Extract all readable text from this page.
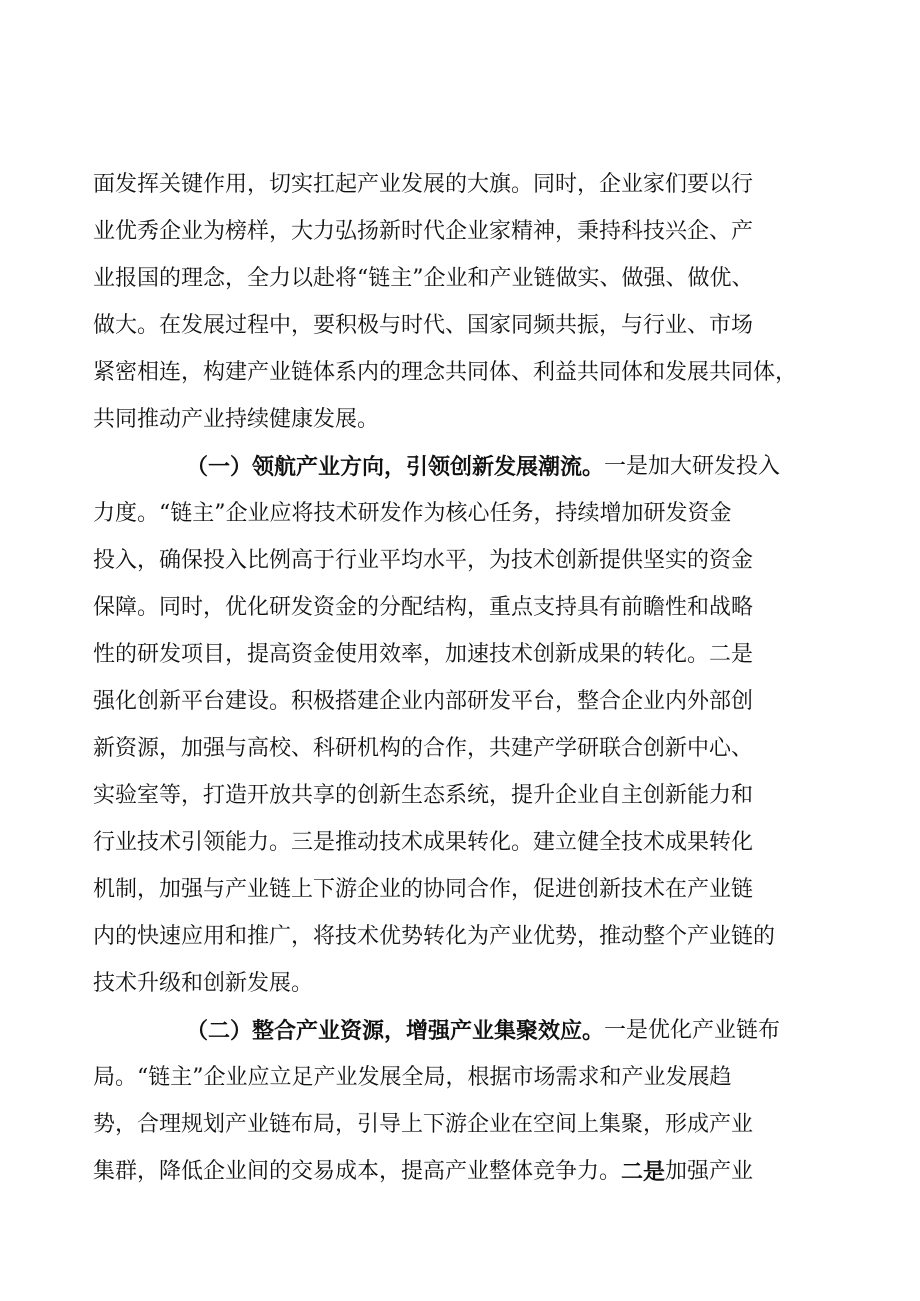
面发挥关键作用，切实扛起产业发展的大旗。同时，企业家们要以行
业优秀企业为榜样，大力弘扬新时代企业家精神，秉持科技兴企、产
业报国的理念，全力以赴将“链主”企业和产业链做实、做强、做优、
做大。在发展过程中，要积极与时代、国家同频共振，与行业、市场
紧密相连，构建产业链体系内的理念共同体、利益共同体和发展共同体，
共同推动产业持续健康发展。
（一）领航产业方向，引领创新发展潮流。 一是加大研发投入
力度。“链主”企业应将技术研发作为核心任务，持续增加研发资金
投入，确保投入比例高于行业平均水平，为技术创新提供坚实的资金
保障。同时，优化研发资金的分配结构，重点支持具有前瞻性和战略
性的研发项目，提高资金使用效率，加速技术创新成果的转化。二是
强化创新平台建设。积极搭建企业内部研发平台，整合企业内外部创
新资源，加强与高校、科研机构的合作，共建产学研联合创新中心、
实验室等，打造开放共享的创新生态系统，提升企业自主创新能力和
行业技术引领能力。三是推动技术成果转化。建立健全技术成果转化
机制，加强与产业链上下游企业的协同合作，促进创新技术在产业链
内的快速应用和推广，将技术优势转化为产业优势，推动整个产业链的
技术升级和创新发展。
（二）整合产业资源，增强产业集聚效应。 一是优化产业链布
局。“链主”企业应立足产业发展全局，根据市场需求和产业发展趋
势，合理规划产业链布局，引导上下游企业在空间上集聚，形成产业
集群，降低企业间的交易成本，提高产业整体竞争力。 二是 加强产业
